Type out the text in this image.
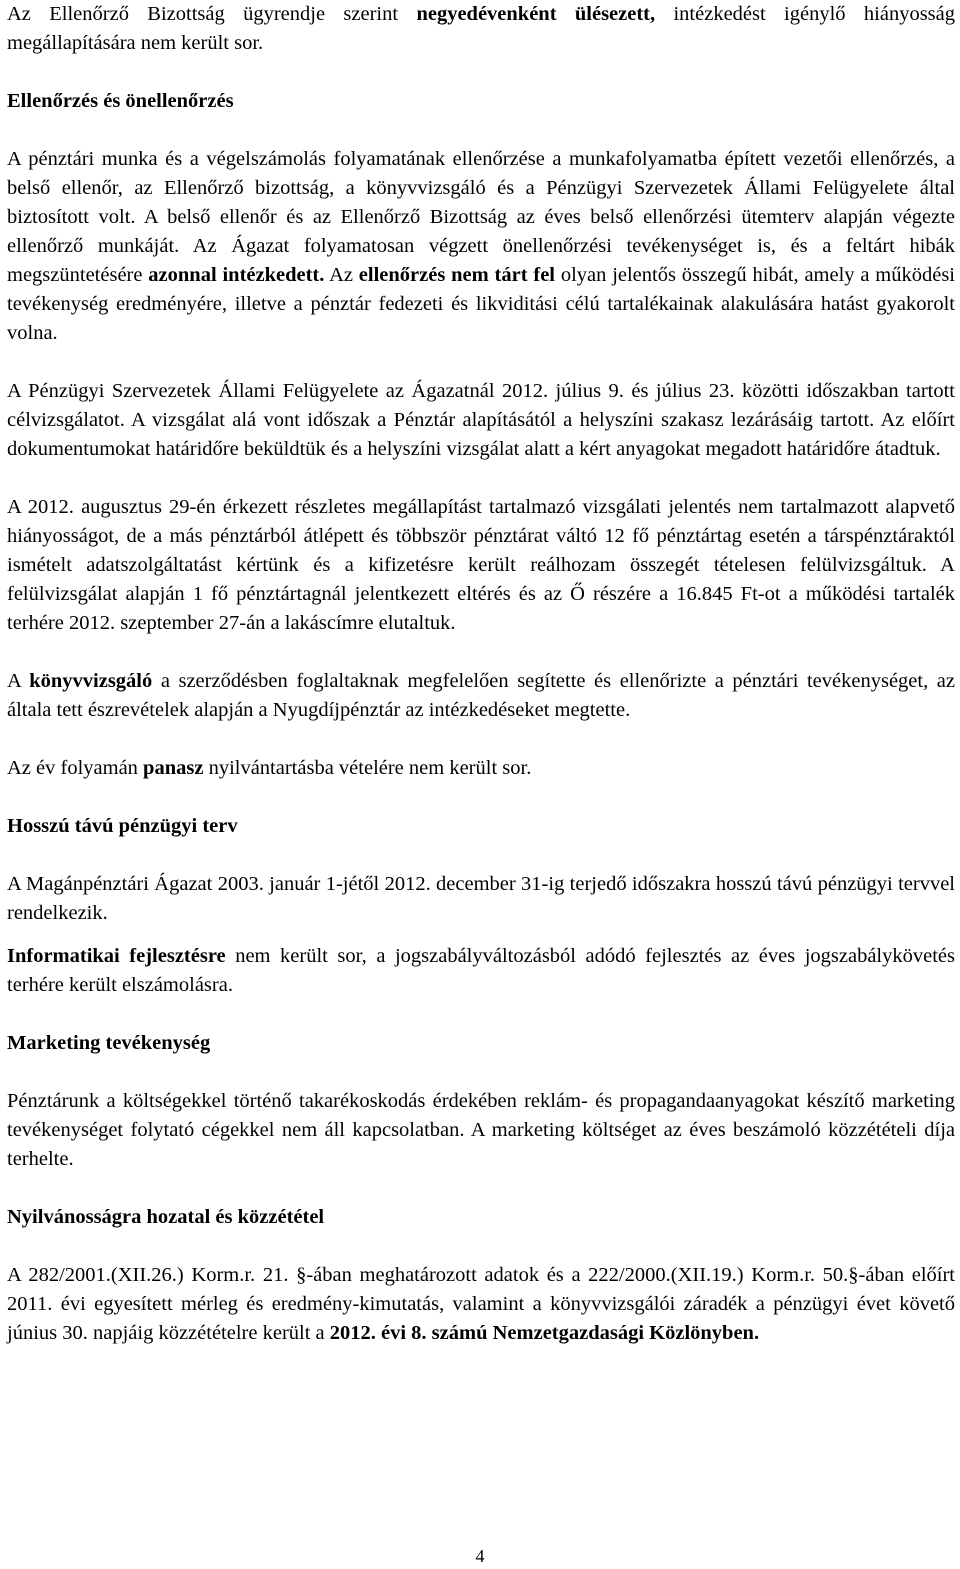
Az Ellenőrző Bizottság ügyrendje szerint negyedévenként ülésezett, intézkedést igénylő hiányosság megállapítására nem került sor.

Ellenőrzés és önellenőrzés

A pénztári munka és a végelszámolás folyamatának ellenőrzése a munkafolyamatba épített vezetői ellenőrzés, a belső ellenőr, az Ellenőrző bizottság, a könyvvizsgáló és a Pénzügyi Szervezetek Állami Felügyelete által biztosított volt. A belső ellenőr és az Ellenőrző Bizottság az éves belső ellenőrzési ütemterv alapján végezte ellenőrző munkáját. Az Ágazat folyamatosan végzett önellenőrzési tevékenységet is, és a feltárt hibák megszüntetésére azonnal intézkedett. Az ellenőrzés nem tárt fel olyan jelentős összegű hibát, amely a működési tevékenység eredményére, illetve a pénztár fedezeti és likviditási célú tartalékainak alakulására hatást gyakorolt volna.

A Pénzügyi Szervezetek Állami Felügyelete az Ágazatnál 2012. július 9. és július 23. közötti időszakban tartott célvizsgálatot. A vizsgálat alá vont időszak a Pénztár alapításától a helyszíni szakasz lezárásáig tartott. Az előírt dokumentumokat határidőre beküldtük és a helyszíni vizsgálat alatt a kért anyagokat megadott határidőre átadtuk.

A 2012. augusztus 29-én érkezett részletes megállapítást tartalmazó vizsgálati jelentés nem tartalmazott alapvető hiányosságot, de a más pénztárból átlépett és többször pénztárat váltó 12 fő pénztártag esetén a társpénztáraktól ismételt adatszolgáltatást kértünk és a kifizetésre került reálhozam összegét tételesen felülvizsgáltuk. A felülvizsgálat alapján 1 fő pénztártagnál jelentkezett eltérés és az Ő részére a 16.845 Ft-ot a működési tartalék terhére 2012. szeptember 27-án a lakáscímre elutaltuk.

A könyvvizsgáló a szerződésben foglaltaknak megfelelően segítette és ellenőrizte a pénztári tevékenységet, az általa tett észrevételek alapján a Nyugdíjpénztár az intézkedéseket megtette.

Az év folyamán panasz nyilvántartásba vételére nem került sor.

Hosszú távú pénzügyi terv

A Magánpénztári Ágazat 2003. január 1-jétől 2012. december 31-ig terjedő időszakra hosszú távú pénzügyi tervvel rendelkezik.

Informatikai fejlesztésre nem került sor, a jogszabályváltozásból adódó fejlesztés az éves jogszabálykövetés terhére került elszámolásra.

Marketing tevékenység

Pénztárunk a költségekkel történő takarékoskodás érdekében reklám- és propagandaanyagokat készítő marketing tevékenységet folytató cégekkel nem áll kapcsolatban. A marketing költséget az éves beszámoló közzétételi díja terhelte.

Nyilvánosságra hozatal és közzététel

A 282/2001.(XII.26.) Korm.r. 21. §-ában meghatározott adatok és a 222/2000.(XII.19.) Korm.r. 50.§-ában előírt 2011. évi egyesített mérleg és eredmény-kimutatás, valamint a könyvvizsgálói záradék a pénzügyi évet követő június 30. napjáig közzétételre került a 2012. évi 8. számú Nemzetgazdasági Közlönyben.

4
